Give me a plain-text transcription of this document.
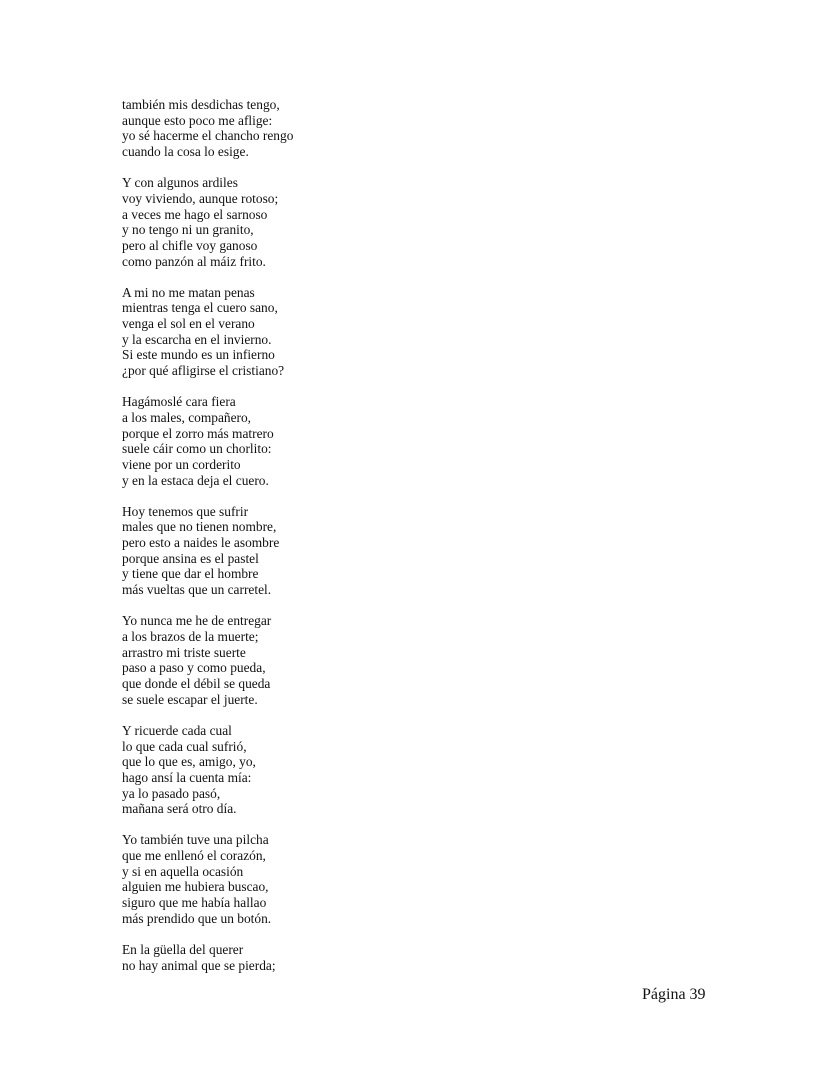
también mis desdichas tengo,
aunque esto poco me aflige:
yo sé hacerme el chancho rengo
cuando la cosa lo esige.
Y con algunos ardiles
voy viviendo, aunque rotoso;
a veces me hago el sarnoso
y no tengo ni un granito,
pero al chifle voy ganoso
como panzón al máiz frito.
A mi no me matan penas
mientras tenga el cuero sano,
venga el sol en el verano
y la escarcha en el invierno.
Si este mundo es un infierno
¿por qué afligirse el cristiano?
Hagámoslé cara fiera
a los males, compañero,
porque el zorro más matrero
suele cáir como un chorlito:
viene por un corderito
y en la estaca deja el cuero.
Hoy tenemos que sufrir
males que no tienen nombre,
pero esto a naides le asombre
porque ansina es el pastel
y tiene que dar el hombre
más vueltas que un carretel.
Yo nunca me he de entregar
a los brazos de la muerte;
arrastro mi triste suerte
paso a paso y como pueda,
que donde el débil se queda
se suele escapar el juerte.
Y ricuerde cada cual
lo que cada cual sufrió,
que lo que es, amigo, yo,
hago ansí la cuenta mía:
ya lo pasado pasó,
mañana será otro día.
Yo también tuve una pilcha
que me enllenó el corazón,
y si en aquella ocasión
alguien me hubiera buscao,
siguro que me había hallao
más prendido que un botón.
En la güella del querer
no hay animal que se pierda;
Página 39
